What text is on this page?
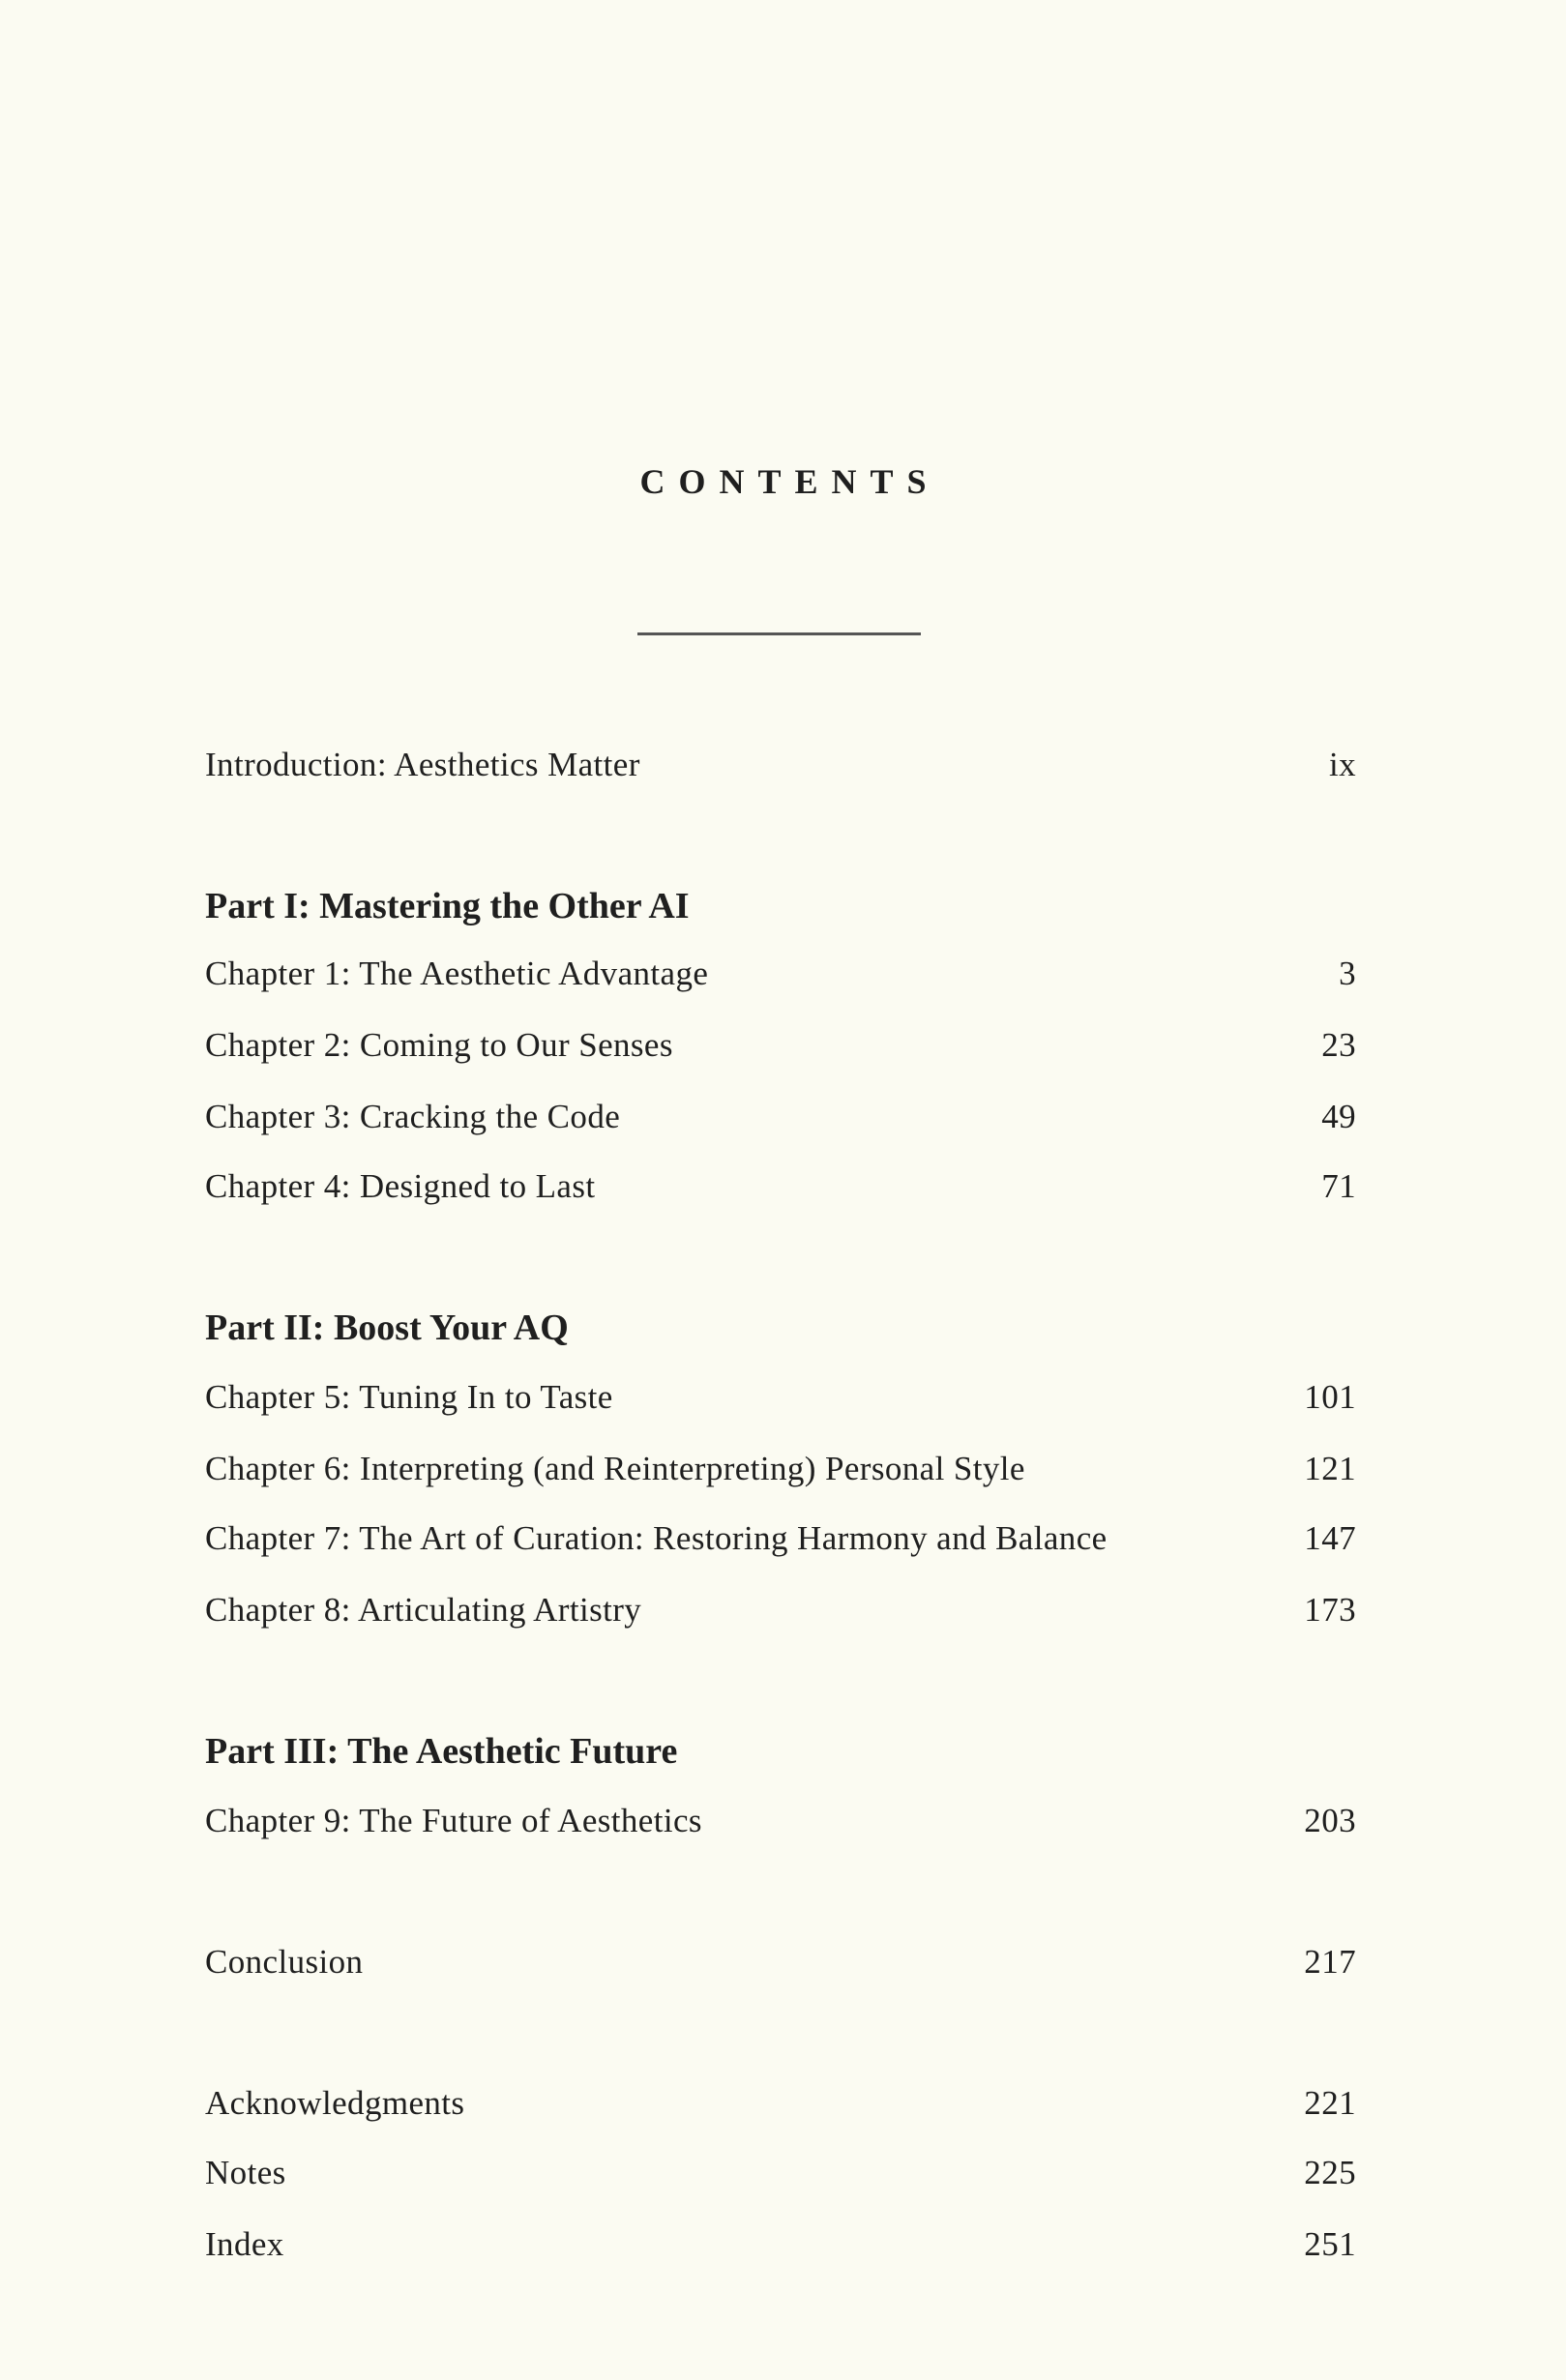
CONTENTS
Introduction: Aesthetics Matter	ix
Part I: Mastering the Other AI
Chapter 1: The Aesthetic Advantage	3
Chapter 2: Coming to Our Senses	23
Chapter 3: Cracking the Code	49
Chapter 4: Designed to Last	71
Part II: Boost Your AQ
Chapter 5: Tuning In to Taste	101
Chapter 6: Interpreting (and Reinterpreting) Personal Style	121
Chapter 7: The Art of Curation: Restoring Harmony and Balance	147
Chapter 8: Articulating Artistry	173
Part III: The Aesthetic Future
Chapter 9: The Future of Aesthetics	203
Conclusion	217
Acknowledgments	221
Notes	225
Index	251
